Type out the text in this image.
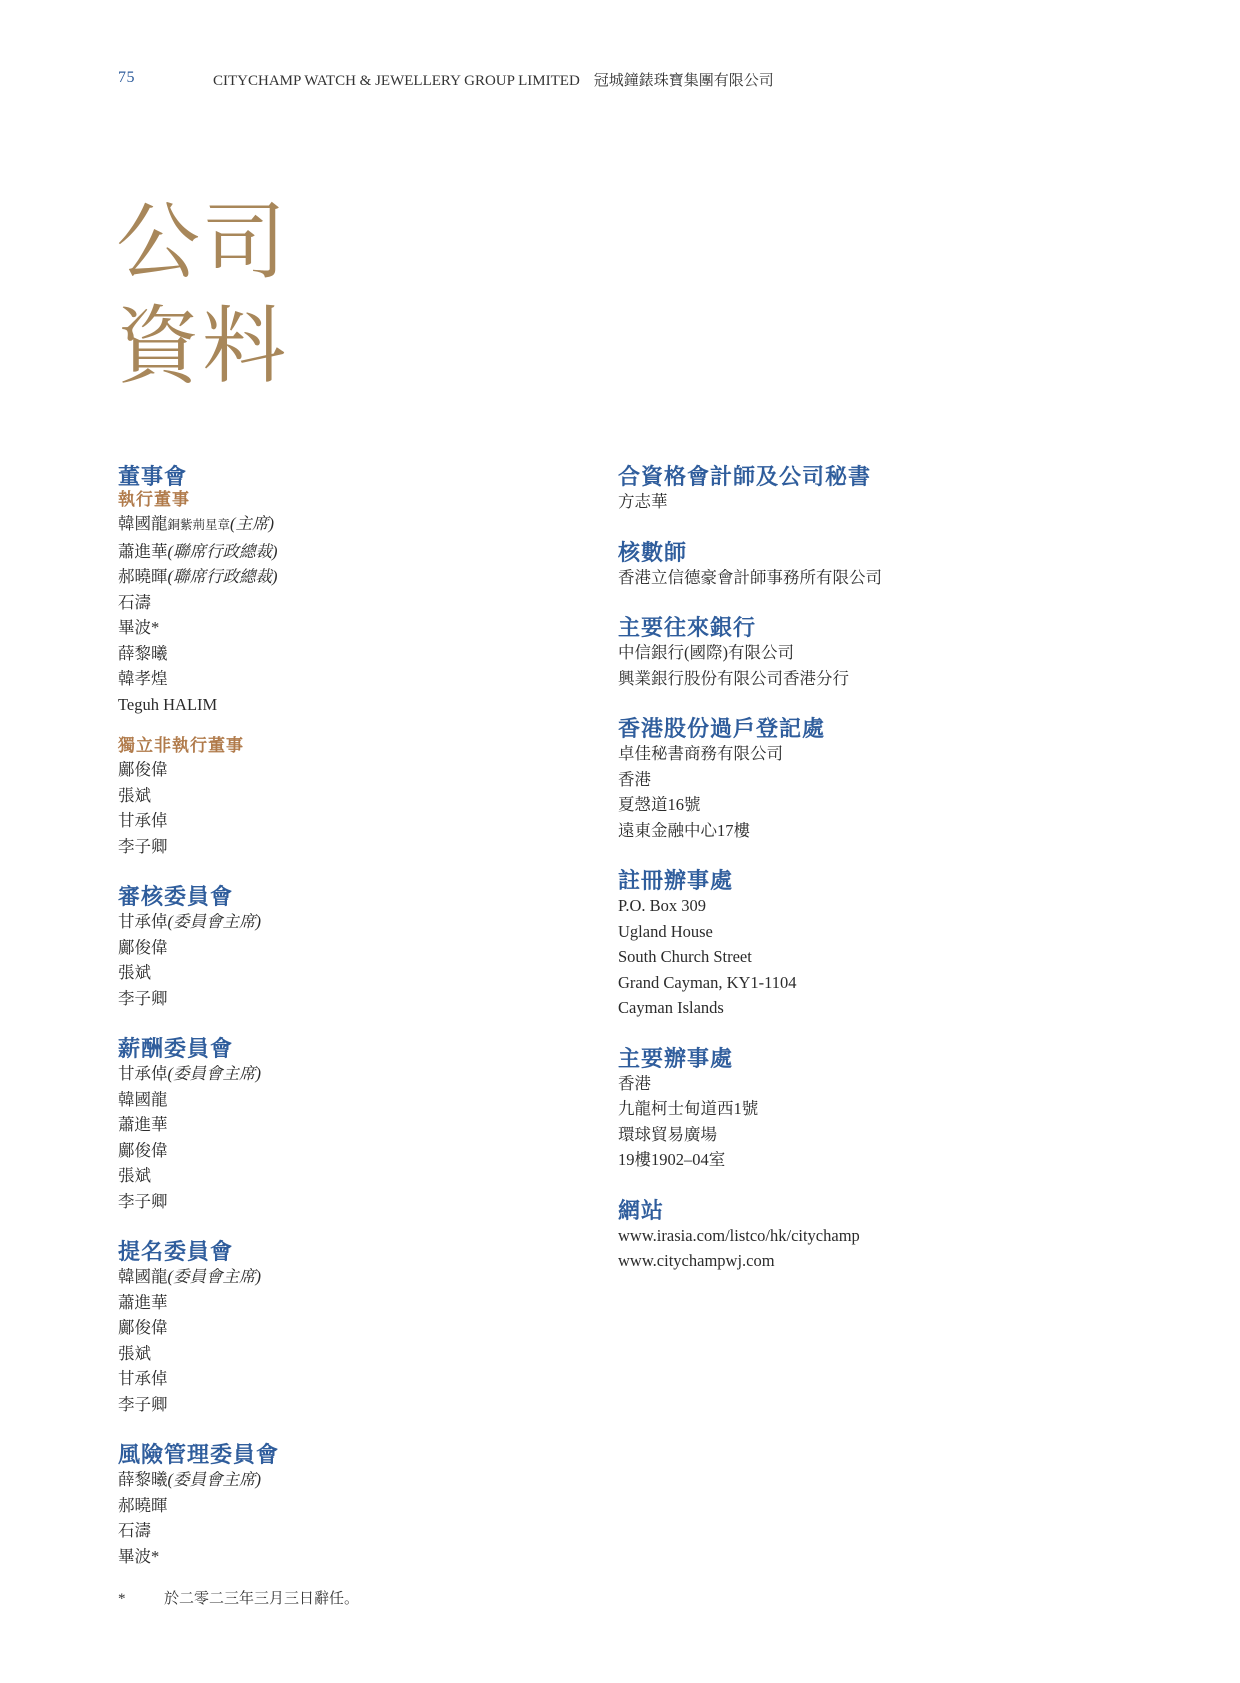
75	CITYCHAMP WATCH & JEWELLERY GROUP LIMITED 冠城鐘錶珠寶集團有限公司
公司
資料
董事會
執行董事
韓國龍銅紫荊星章(主席)
蕭進華(聯席行政總裁)
郝曉暉(聯席行政總裁)
石濤
畢波*
薛黎曦
韓孝煌
Teguh HALIM
獨立非執行董事
鄺俊偉
張斌
甘承倬
李子卿
審核委員會
甘承倬(委員會主席)
鄺俊偉
張斌
李子卿
薪酬委員會
甘承倬(委員會主席)
韓國龍
蕭進華
鄺俊偉
張斌
李子卿
提名委員會
韓國龍(委員會主席)
蕭進華
鄺俊偉
張斌
甘承倬
李子卿
風險管理委員會
薛黎曦(委員會主席)
郝曉暉
石濤
畢波*
合資格會計師及公司秘書
方志華
核數師
香港立信德豪會計師事務所有限公司
主要往來銀行
中信銀行(國際)有限公司
興業銀行股份有限公司香港分行
香港股份過戶登記處
卓佳秘書商務有限公司
香港
夏愨道16號
遠東金融中心17樓
註冊辦事處
P.O. Box 309
Ugland House
South Church Street
Grand Cayman, KY1-1104
Cayman Islands
主要辦事處
香港
九龍柯士甸道西1號
環球貿易廣場
19樓1902–04室
網站
www.irasia.com/listco/hk/citychamp
www.citychampwj.com
*	於二零二三年三月三日辭任。
